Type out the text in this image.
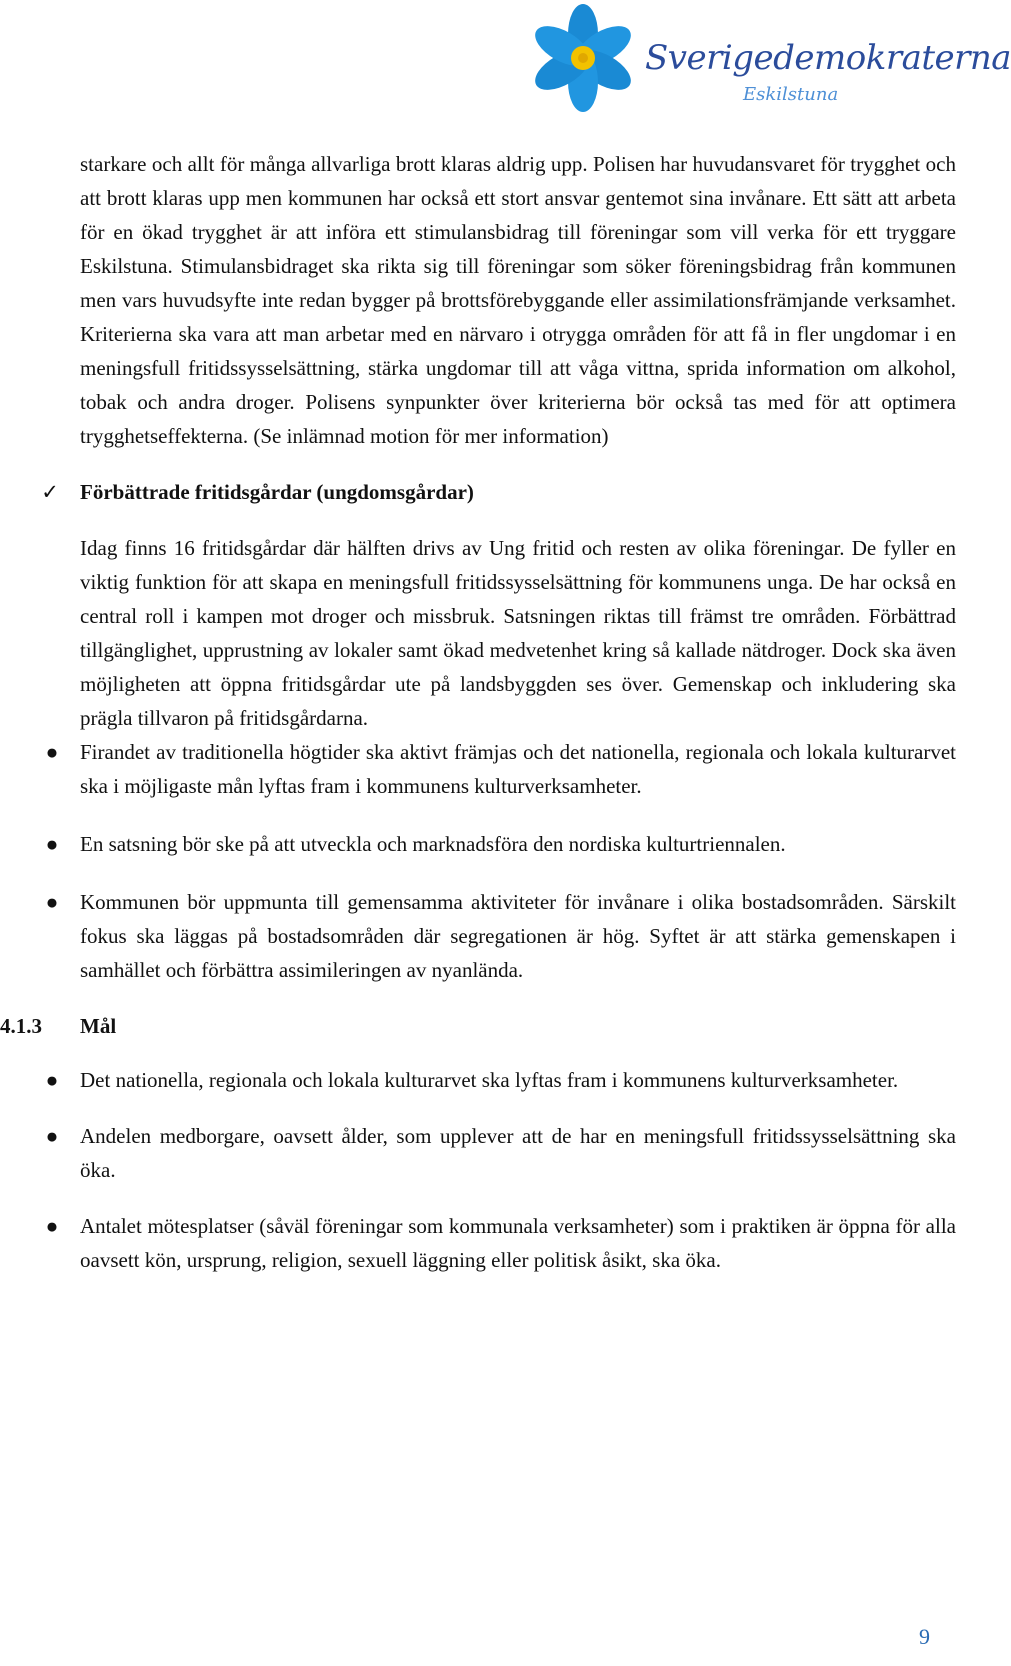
Sverigedemokraterna
Eskilstuna

starkare och allt för många allvarliga brott klaras aldrig upp. Polisen har huvudansvaret för trygghet och att brott klaras upp men kommunen har också ett stort ansvar gentemot sina invånare. Ett sätt att arbeta för en ökad trygghet är att införa ett stimulansbidrag till föreningar som vill verka för ett tryggare Eskilstuna. Stimulansbidraget ska rikta sig till föreningar som söker föreningsbidrag från kommunen men vars huvudsyfte inte redan bygger på brottsförebyggande eller assimilationsfrämjande verksamhet. Kriterierna ska vara att man arbetar med en närvaro i otrygga områden för att få in fler ungdomar i en meningsfull fritidssysselsättning, stärka ungdomar till att våga vittna, sprida information om alkohol, tobak och andra droger. Polisens synpunkter över kriterierna bör också tas med för att optimera trygghetseffekterna. (Se inlämnad motion för mer information)

✓ Förbättrade fritidsgårdar (ungdomsgårdar)

Idag finns 16 fritidsgårdar där hälften drivs av Ung fritid och resten av olika föreningar. De fyller en viktig funktion för att skapa en meningsfull fritidssysselsättning för kommunens unga. De har också en central roll i kampen mot droger och missbruk. Satsningen riktas till främst tre områden. Förbättrad tillgänglighet, upprustning av lokaler samt ökad medvetenhet kring så kallade nätdroger. Dock ska även möjligheten att öppna fritidsgårdar ute på landsbyggden ses över. Gemenskap och inkludering ska prägla tillvaron på fritidsgårdarna.

● Firandet av traditionella högtider ska aktivt främjas och det nationella, regionala och lokala kulturarvet ska i möjligaste mån lyftas fram i kommunens kulturverksamheter.
● En satsning bör ske på att utveckla och marknadsföra den nordiska kulturtriennalen.
● Kommunen bör uppmunta till gemensamma aktiviteter för invånare i olika bostadsområden. Särskilt fokus ska läggas på bostadsområden där segregationen är hög. Syftet är att stärka gemenskapen i samhället och förbättra assimileringen av nyanlända.
4.1.3 Mål
● Det nationella, regionala och lokala kulturarvet ska lyftas fram i kommunens kulturverksamheter.
● Andelen medborgare, oavsett ålder, som upplever att de har en meningsfull fritidssysselsättning ska öka.
● Antalet mötesplatser (såväl föreningar som kommunala verksamheter) som i praktiken är öppna för alla oavsett kön, ursprung, religion, sexuell läggning eller politisk åsikt, ska öka.
9
